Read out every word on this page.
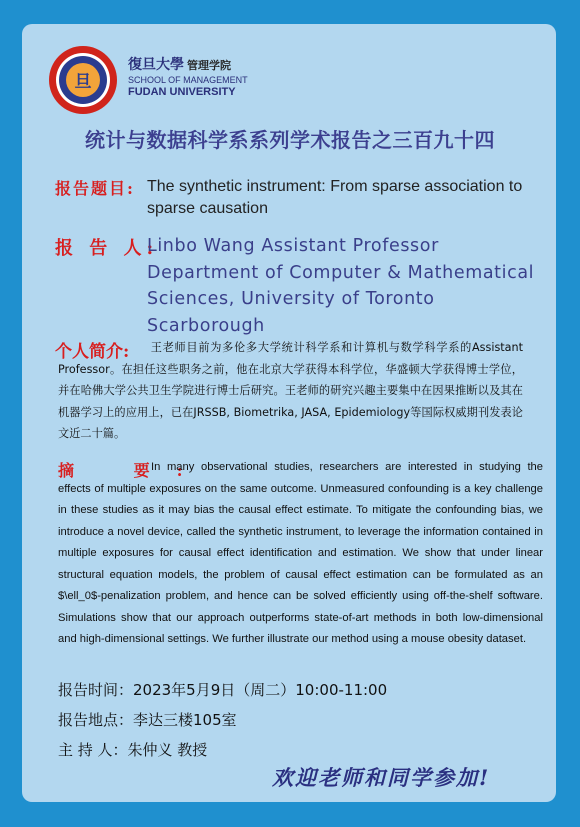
旦
復旦大學 管理学院
SCHOOL OF MANAGEMENT
FUDAN UNIVERSITY
统计与数据科学系系列学术报告之三百九十四
报告题目: The synthetic instrument: From sparse association to sparse causation
报 告 人:
Linbo Wang Assistant Professor
Department of Computer & Mathematical
Sciences, University of Toronto Scarborough
个人简介:	王老师目前为多伦多大学统计科学系和计算机与数学科学系的Assistant Professor。在担任这些职务之前，他在北京大学获得本科学位，华盛顿大学获得博士学位，并在哈佛大学公共卫生学院进行博士后研究。王老师的研究兴趣主要集中在因果推断以及其在机器学习上的应用上，已在JRSSB, Biometrika, JASA, Epidemiology等国际权威期刊发表论文近二十篇。
摘 要:
In many observational studies, researchers are interested in studying the effects of multiple exposures on the same outcome. Unmeasured confounding is a key challenge in these studies as it may bias the causal effect estimate. To mitigate the confounding bias, we introduce a novel device, called the synthetic instrument, to leverage the information contained in multiple exposures for causal effect identification and estimation. We show that under linear structural equation models, the problem of causal effect estimation can be formulated as an $\ell_0$-penalization problem, and hence can be solved efficiently using off-the-shelf software. Simulations show that our approach outperforms state-of-art methods in both low-dimensional and high-dimensional settings. We further illustrate our method using a mouse obesity dataset.
报告时间：2023年5月9日（周二）10:00-11:00
报告地点：李达三楼105室
主 持 人：朱仲义 教授
欢迎老师和同学参加!
